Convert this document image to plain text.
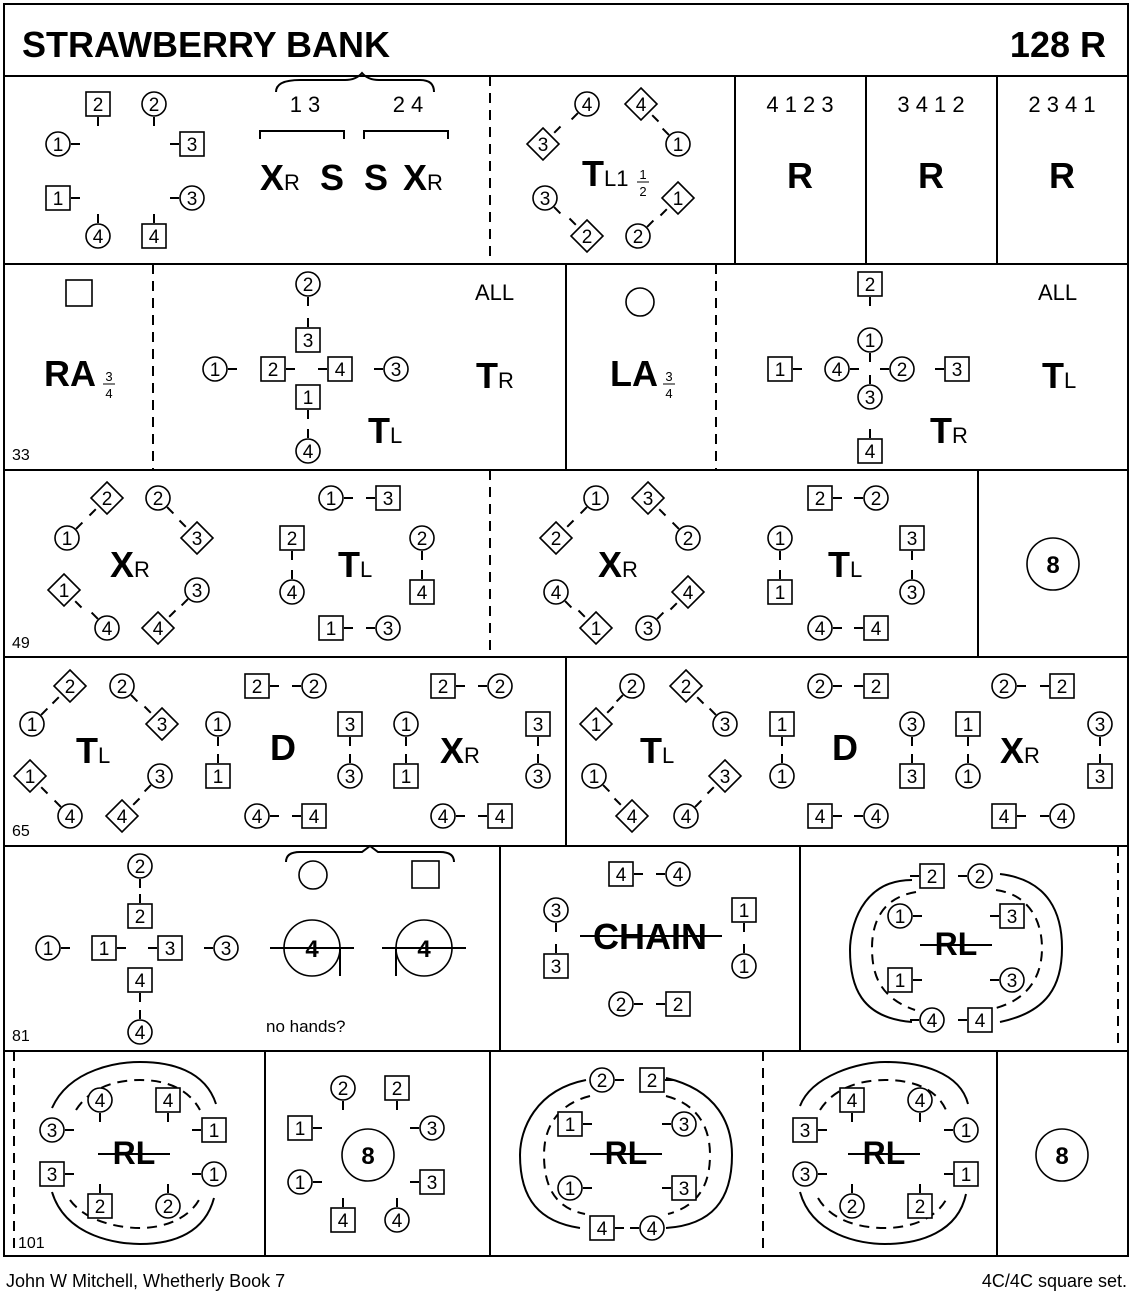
STRAWBERRY BANK	128 R
33
49
65
81
101
1 3	2 4
XR S S XR	TL1 1
2
4 1 2 3	3 4 1 2	2 3 4 1
R	R	R
RA 3
4
ALL
TR
TL
LA 3
4
ALL
TL
TR
XR	TL	XR	TL
TL	D	XR	TL	D	XR
4	4
no hands?
CHAIN	RL
RL	RL	RL
8
8	8
2 2
1	3
1	3
4 4
4 4
3	1
3	1
2 2
2
3
1 2	4 3
1
4
2
1
1 4	2 3
3
4
2 2
1	3
1	3
4 4
1 3
2	2
4	4
1 3
1 3
2	2
4	4
1 3
2 2
1	3
1	3
4 4
2 2
1	3
1	3
4 4
2 2
1	3
1	3
4 4
2 2
1	3
1	3
4 4
2 2
1	3
1	3
4 4
2 2
1	3
1	3
4 4
2 2
1	3
1	3
4 4
2
2
1 1	3 3
4
4
4 4
3	1
3	1
2 2
2 2
1	3
1	3
4 4
4	4
3	1
3	1
2	2
2 2
1	3
1	3
4 4
2 2
1	3
1	3
4 4
4	4
3	1
3	1
2	2
John W Mitchell, Whetherly Book 7	4C/4C square set.
